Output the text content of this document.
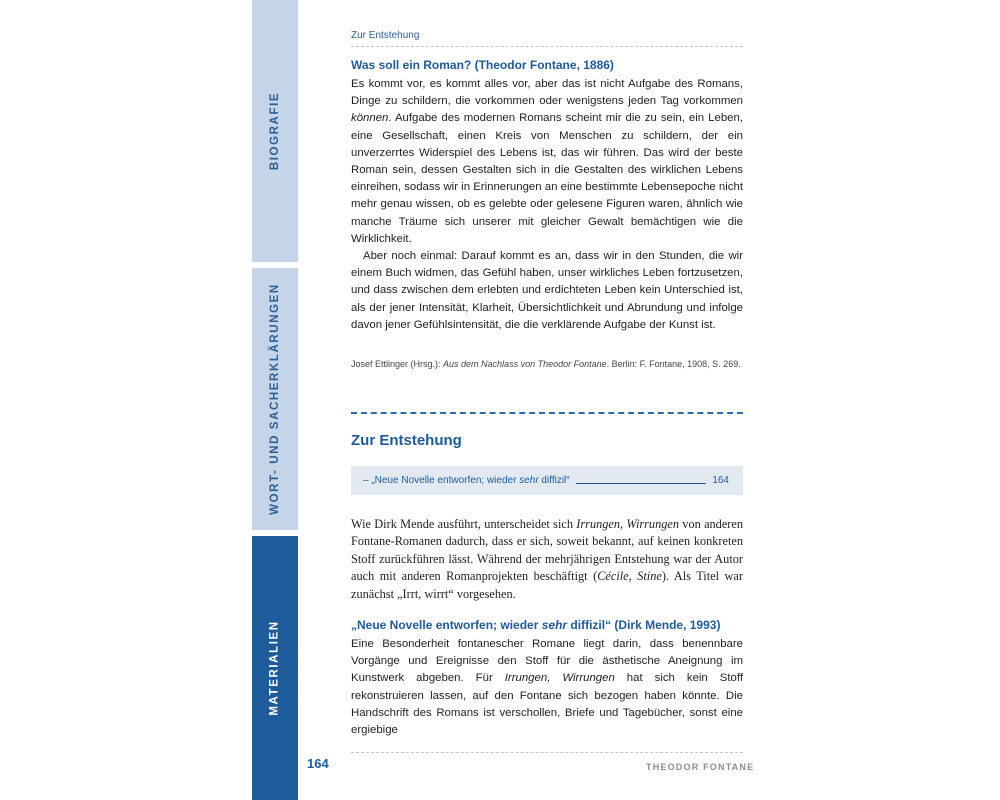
BIOGRAFIE
WORT- UND SACHERKLÄRUNGEN
MATERIALIEN
Zur Entstehung
Was soll ein Roman? (Theodor Fontane, 1886)
Es kommt vor, es kommt alles vor, aber das ist nicht Aufgabe des Romans, Dinge zu schildern, die vorkommen oder wenigstens jeden Tag vorkommen können. Aufgabe des modernen Romans scheint mir die zu sein, ein Leben, eine Gesellschaft, einen Kreis von Menschen zu schildern, der ein unverzerrtes Widerspiel des Lebens ist, das wir führen. Das wird der beste Roman sein, dessen Gestalten sich in die Gestalten des wirklichen Lebens einreihen, sodass wir in Erinnerungen an eine bestimmte Lebensepoche nicht mehr genau wissen, ob es gelebte oder gelesene Figuren waren, ähnlich wie manche Träume sich unserer mit gleicher Gewalt bemächtigen wie die Wirklichkeit.
Aber noch einmal: Darauf kommt es an, dass wir in den Stunden, die wir einem Buch widmen, das Gefühl haben, unser wirkliches Leben fortzusetzen, und dass zwischen dem erlebten und erdichteten Leben kein Unterschied ist, als der jener Intensität, Klarheit, Übersichtlichkeit und Abrundung und infolge davon jener Gefühlsintensität, die die verklärende Aufgabe der Kunst ist.
Josef Ettlinger (Hrsg.): Aus dem Nachlass von Theodor Fontane. Berlin: F. Fontane, 1908, S. 269.
Zur Entstehung
– „Neue Novelle entworfen; wieder sehr diffizil“	164
Wie Dirk Mende ausführt, unterscheidet sich Irrungen, Wirrungen von anderen Fontane-Romanen dadurch, dass er sich, soweit bekannt, auf keinen konkreten Stoff zurückführen lässt. Während der mehrjährigen Entstehung war der Autor auch mit anderen Romanprojekten beschäftigt (Cécile, Stine). Als Titel war zunächst „Irrt, wirrt“ vorgesehen.
„Neue Novelle entworfen; wieder sehr diffizil“ (Dirk Mende, 1993)
Eine Besonderheit fontanescher Romane liegt darin, dass benennbare Vorgänge und Ereignisse den Stoff für die ästhetische Aneignung im Kunstwerk abgeben. Für Irrungen, Wirrungen hat sich kein Stoff rekonstruieren lassen, auf den Fontane sich bezogen haben könnte. Die Handschrift des Romans ist verschollen, Briefe und Tagebücher, sonst eine ergiebige
164	THEODOR FONTANE
